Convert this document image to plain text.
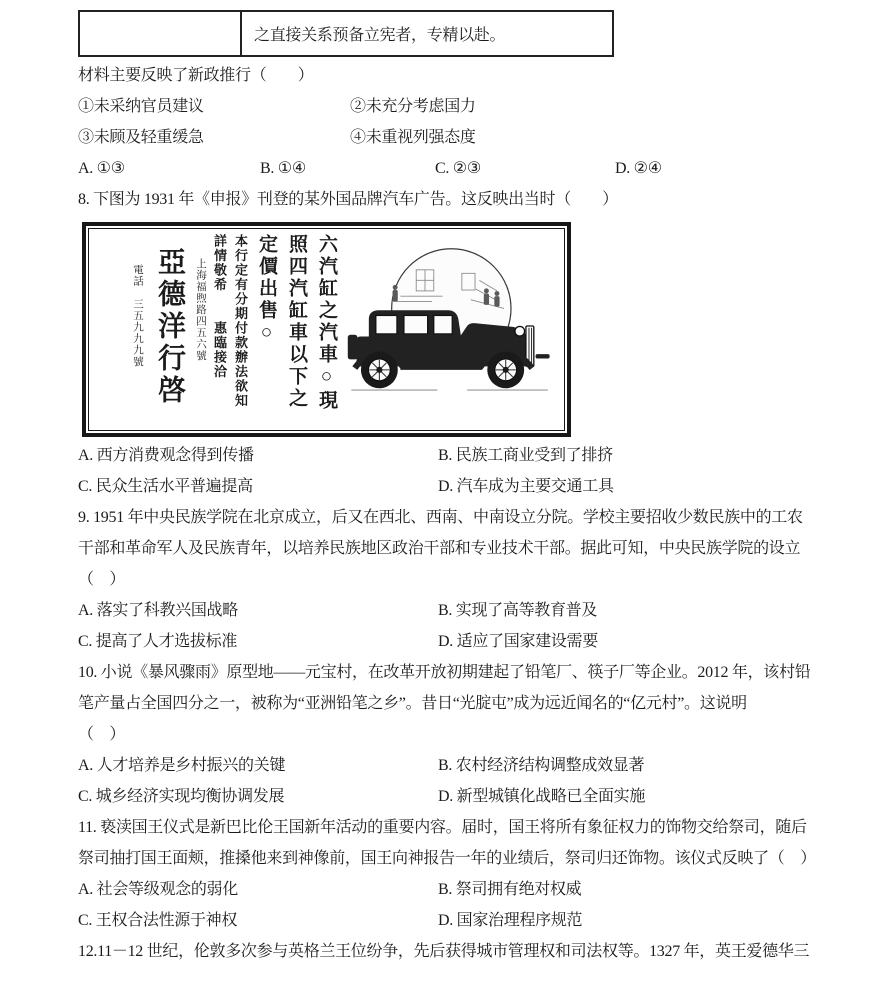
之直接关系预备立宪者，专精以赴。
材料主要反映了新政推行（　　）
①未采纳官员建议	②未充分考虑国力
③未顾及轻重缓急	④未重视列强态度
A. ①③	B. ①④	C. ②③	D. ②④
8. 下图为 1931 年《申报》刊登的某外国品牌汽车广告。这反映出当时（　　）
六汽缸之汽車○現
照四汽缸車以下之
定價出售○
本行定有分期付款辦法欲知
詳情敬希　　惠臨接洽
上海福煦路四五六號
亞德洋行啓
電話　三五九九九號
A. 西方消费观念得到传播	B. 民族工商业受到了排挤
C. 民众生活水平普遍提高	D. 汽车成为主要交通工具
9. 1951 年中央民族学院在北京成立，后又在西北、西南、中南设立分院。学校主要招收少数民族中的工农
干部和革命军人及民族青年，以培养民族地区政治干部和专业技术干部。据此可知，中央民族学院的设立
（　）
A. 落实了科教兴国战略	B. 实现了高等教育普及
C. 提高了人才选拔标准	D. 适应了国家建设需要
10. 小说《暴风骤雨》原型地——元宝村，在改革开放初期建起了铅笔厂、筷子厂等企业。2012 年，该村铅
笔产量占全国四分之一，被称为“亚洲铅笔之乡”。昔日“光腚屯”成为远近闻名的“亿元村”。这说明
（　）
A. 人才培养是乡村振兴的关键	B. 农村经济结构调整成效显著
C. 城乡经济实现均衡协调发展	D. 新型城镇化战略已全面实施
11. 亵渎国王仪式是新巴比伦王国新年活动的重要内容。届时，国王将所有象征权力的饰物交给祭司，随后
祭司抽打国王面颊，推搡他来到神像前，国王向神报告一年的业绩后，祭司归还饰物。该仪式反映了（　）
A. 社会等级观念的弱化	B. 祭司拥有绝对权威
C. 王权合法性源于神权	D. 国家治理程序规范
12.11－12 世纪，伦敦多次参与英格兰王位纷争，先后获得城市管理权和司法权等。1327 年，英王爱德华三
